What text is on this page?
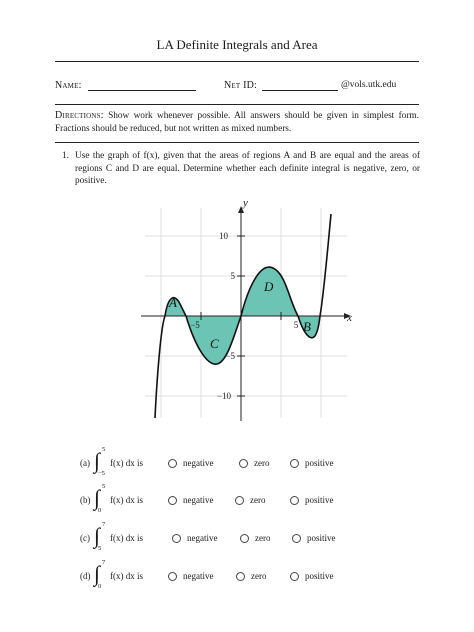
LA Definite Integrals and Area
Name:	Net ID:	@vols.utk.edu
Directions: Show work whenever possible. All answers should be given in simplest form. Fractions should be reduced, but not written as mixed numbers.
1. Use the graph of f(x), given that the areas of regions A and B are equal and the areas of regions C and D are equal. Determine whether each definite integral is negative, zero, or positive.
10
5
−5
−10
−5	5
y
x
A
C
D
B
(a) ∫ 5
−5
f(x) dx is	negative	zero	positive
(b) ∫ 5
0
f(x) dx is	negative	zero	positive
(c) ∫ 7
5
f(x) dx is	negative	zero	positive
(d) ∫ 7
0
f(x) dx is	negative	zero	positive
